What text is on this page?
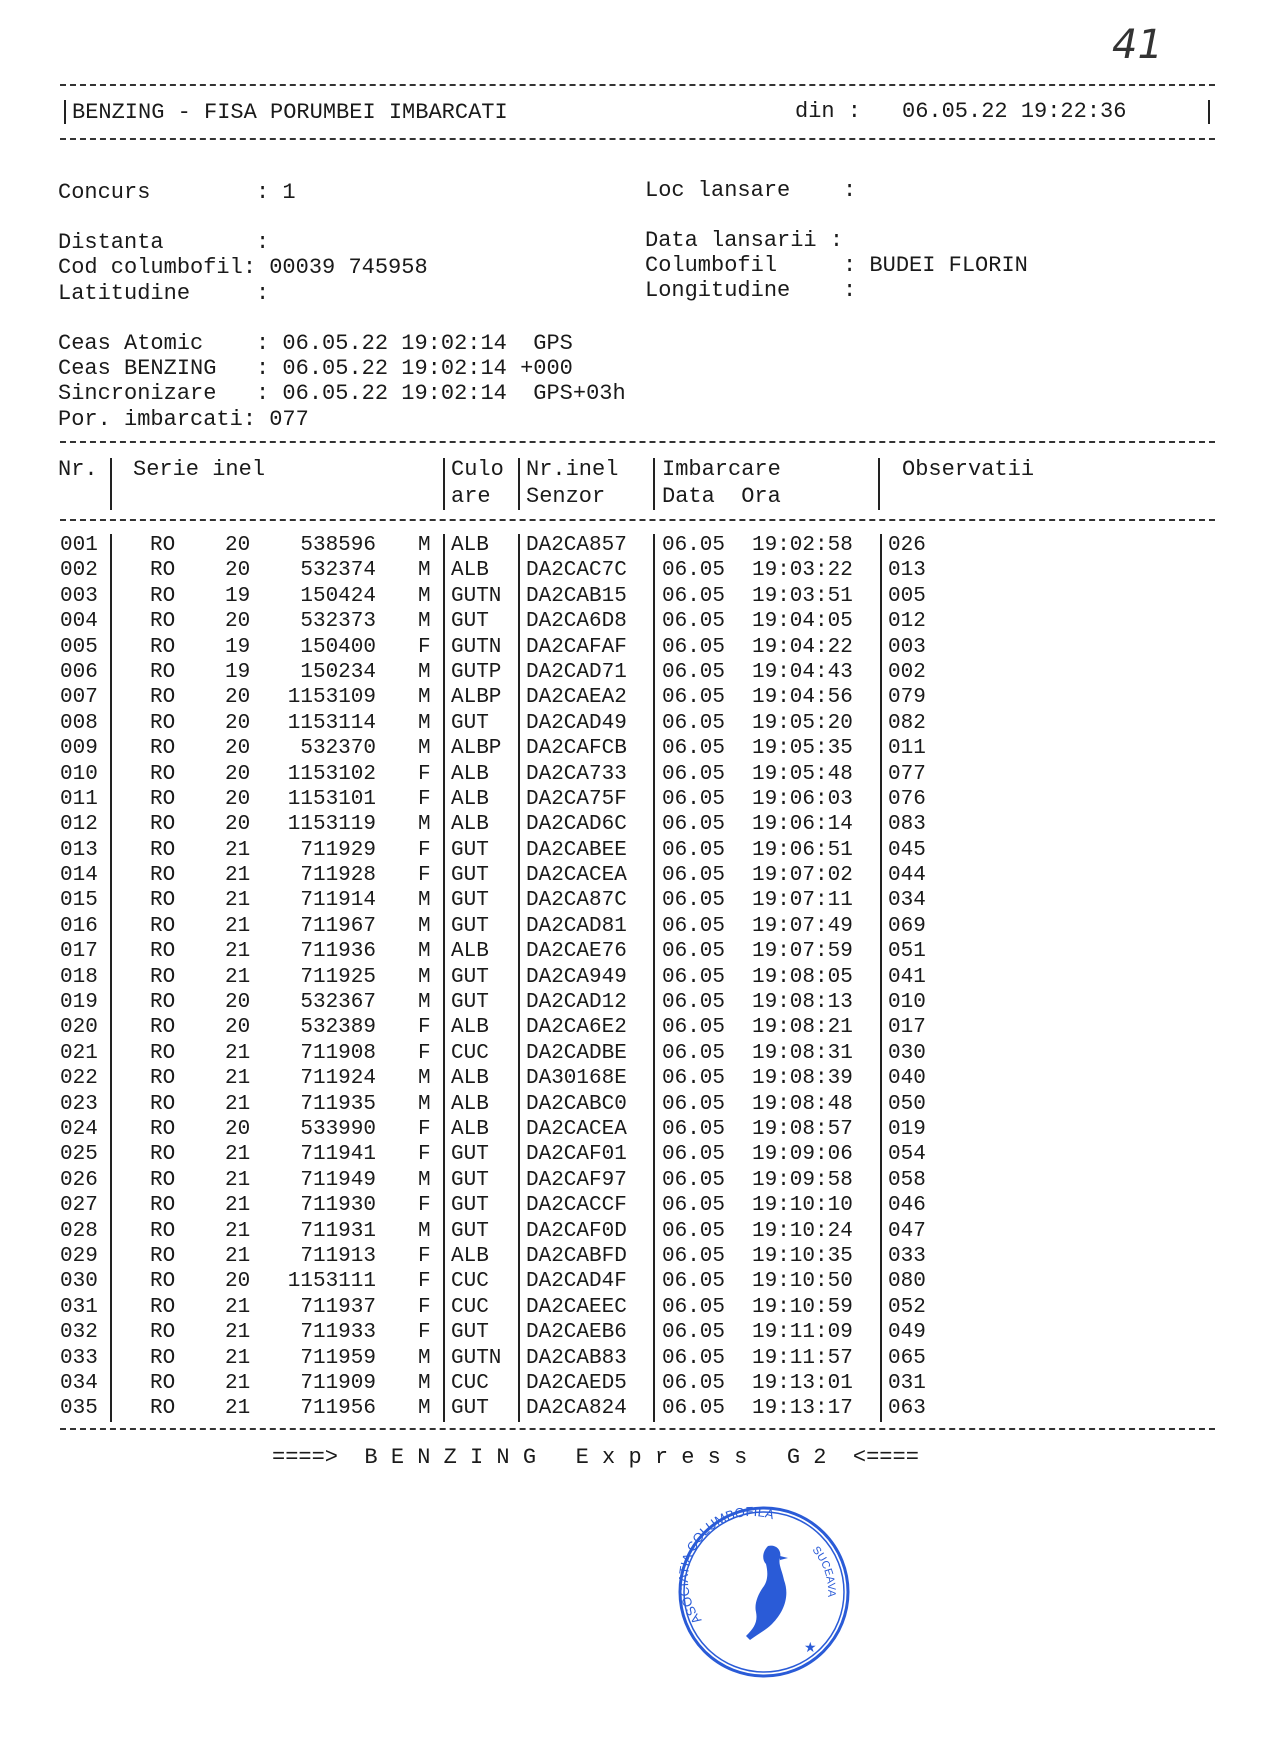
41
BENZING - FISA PORUMBEI IMBARCATI	din : 06.05.22 19:22:36
Concurs        : 1	Loc lansare    :
Distanta       :	Data lansarii :
Cod columbofil: 00039 745958	Columbofil     : BUDEI FLORIN
Latitudine     :	Longitudine    :
Ceas Atomic    : 06.05.22 19:02:14  GPS
Ceas BENZING   : 06.05.22 19:02:14 +000
Sincronizare   : 06.05.22 19:02:14  GPS+03h
Por. imbarcati: 077
Nr. Serie inel	Culo
are
Nr.inel
Senzor
Imbarcare
Data  Ora
Observatii
001 RO 20	538596 M ALB DA2CA857 06.05 19:02:58 026
002 RO 20	532374 M ALB DA2CAC7C 06.05 19:03:22 013
003 RO 19	150424 M GUTN DA2CAB15 06.05 19:03:51 005
004 RO 20	532373 M GUT DA2CA6D8 06.05 19:04:05 012
005 RO 19	150400 F GUTN DA2CAFAF 06.05 19:04:22 003
006 RO 19	150234 M GUTP DA2CAD71 06.05 19:04:43 002
007 RO 20	1153109 M ALBP DA2CAEA2 06.05 19:04:56 079
008 RO 20	1153114 M GUT DA2CAD49 06.05 19:05:20 082
009 RO 20	532370 M ALBP DA2CAFCB 06.05 19:05:35 011
010 RO 20	1153102 F ALB DA2CA733 06.05 19:05:48 077
011 RO 20	1153101 F ALB DA2CA75F 06.05 19:06:03 076
012 RO 20	1153119 M ALB DA2CAD6C 06.05 19:06:14 083
013 RO 21	711929 F GUT DA2CABEE 06.05 19:06:51 045
014 RO 21	711928 F GUT DA2CACEA 06.05 19:07:02 044
015 RO 21	711914 M GUT DA2CA87C 06.05 19:07:11 034
016 RO 21	711967 M GUT DA2CAD81 06.05 19:07:49 069
017 RO 21	711936 M ALB DA2CAE76 06.05 19:07:59 051
018 RO 21	711925 M GUT DA2CA949 06.05 19:08:05 041
019 RO 20	532367 M GUT DA2CAD12 06.05 19:08:13 010
020 RO 20	532389 F ALB DA2CA6E2 06.05 19:08:21 017
021 RO 21	711908 F CUC DA2CADBE 06.05 19:08:31 030
022 RO 21	711924 M ALB DA30168E 06.05 19:08:39 040
023 RO 21	711935 M ALB DA2CABC0 06.05 19:08:48 050
024 RO 20	533990 F ALB DA2CACEA 06.05 19:08:57 019
025 RO 21	711941 F GUT DA2CAF01 06.05 19:09:06 054
026 RO 21	711949 M GUT DA2CAF97 06.05 19:09:58 058
027 RO 21	711930 F GUT DA2CACCF 06.05 19:10:10 046
028 RO 21	711931 M GUT DA2CAF0D 06.05 19:10:24 047
029 RO 21	711913 F ALB DA2CABFD 06.05 19:10:35 033
030 RO 20	1153111 F CUC DA2CAD4F 06.05 19:10:50 080
031 RO 21	711937 F CUC DA2CAEEC 06.05 19:10:59 052
032 RO 21	711933 F GUT DA2CAEB6 06.05 19:11:09 049
033 RO 21	711959 M GUTN DA2CAB83 06.05 19:11:57 065
034 RO 21	711909 M CUC DA2CAED5 06.05 19:13:01 031
035 RO 21	711956 M GUT DA2CA824 06.05 19:13:17 063
====>  B E N Z I N G   E x p r e s s   G 2  <====
ASOCIATIA COLUMBOFILA
SUCEAVA
★
